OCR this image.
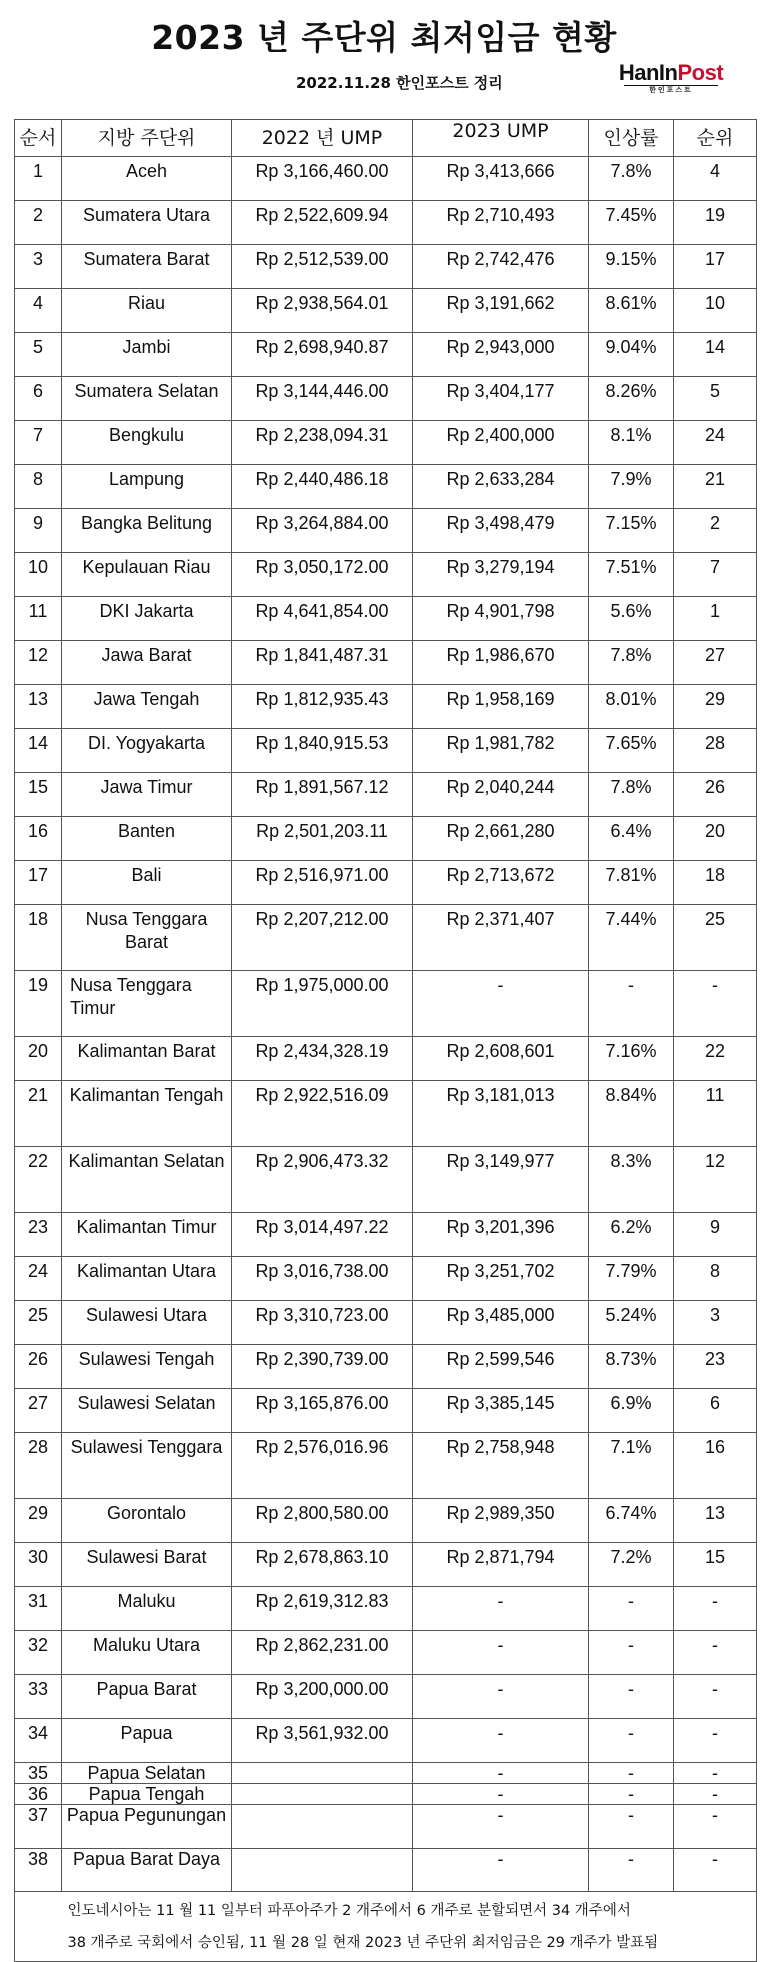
2023 년 주단위 최저임금 현황
2022.11.28 한인포스트 정리	HanInPost
한인포스트
순서	지방 주단위	2022 년 UMP	2023 UMP	인상률	순위
1	Aceh	Rp 3,166,460.00	Rp 3,413,666	7.8%	4
2	Sumatera Utara	Rp 2,522,609.94	Rp 2,710,493	7.45%	19
3	Sumatera Barat	Rp 2,512,539.00	Rp 2,742,476	9.15%	17
4	Riau	Rp 2,938,564.01	Rp 3,191,662	8.61%	10
5	Jambi	Rp 2,698,940.87	Rp 2,943,000	9.04%	14
6	Sumatera Selatan	Rp 3,144,446.00	Rp 3,404,177	8.26%	5
7	Bengkulu	Rp 2,238,094.31	Rp 2,400,000	8.1%	24
8	Lampung	Rp 2,440,486.18	Rp 2,633,284	7.9%	21
9	Bangka Belitung	Rp 3,264,884.00	Rp 3,498,479	7.15%	2
10	Kepulauan Riau	Rp 3,050,172.00	Rp 3,279,194	7.51%	7
11	DKI Jakarta	Rp 4,641,854.00	Rp 4,901,798	5.6%	1
12	Jawa Barat	Rp 1,841,487.31	Rp 1,986,670	7.8%	27
13	Jawa Tengah	Rp 1,812,935.43	Rp 1,958,169	8.01%	29
14	DI. Yogyakarta	Rp 1,840,915.53	Rp 1,981,782	7.65%	28
15	Jawa Timur	Rp 1,891,567.12	Rp 2,040,244	7.8%	26
16	Banten	Rp 2,501,203.11	Rp 2,661,280	6.4%	20
17	Bali	Rp 2,516,971.00	Rp 2,713,672	7.81%	18
18	Nusa Tenggara Barat	Rp 2,207,212.00	Rp 2,371,407	7.44%	25
19	Nusa Tenggara Timur	Rp 1,975,000.00	-	-	-
20	Kalimantan Barat	Rp 2,434,328.19	Rp 2,608,601	7.16%	22
21	Kalimantan Tengah	Rp 2,922,516.09	Rp 3,181,013	8.84%	11
22	Kalimantan Selatan	Rp 2,906,473.32	Rp 3,149,977	8.3%	12
23	Kalimantan Timur	Rp 3,014,497.22	Rp 3,201,396	6.2%	9
24	Kalimantan Utara	Rp 3,016,738.00	Rp 3,251,702	7.79%	8
25	Sulawesi Utara	Rp 3,310,723.00	Rp 3,485,000	5.24%	3
26	Sulawesi Tengah	Rp 2,390,739.00	Rp 2,599,546	8.73%	23
27	Sulawesi Selatan	Rp 3,165,876.00	Rp 3,385,145	6.9%	6
28	Sulawesi Tenggara	Rp 2,576,016.96	Rp 2,758,948	7.1%	16
29	Gorontalo	Rp 2,800,580.00	Rp 2,989,350	6.74%	13
30	Sulawesi Barat	Rp 2,678,863.10	Rp 2,871,794	7.2%	15
31	Maluku	Rp 2,619,312.83	-	-	-
32	Maluku Utara	Rp 2,862,231.00	-	-	-
33	Papua Barat	Rp 3,200,000.00	-	-	-
34	Papua	Rp 3,561,932.00	-	-	-
35	Papua Selatan		-	-	-
36	Papua Tengah		-	-	-
37	Papua Pegunungan		-	-	-
38	Papua Barat Daya		-	-	-

	인도네시아는 11 월 11 일부터 파푸아주가 2 개주에서 6 개주로 분할되면서 34 개주에서
38 개주로 국회에서 승인됨, 11 월 28 일 현재 2023 년 주단위 최저임금은 29 개주가 발표됨				
